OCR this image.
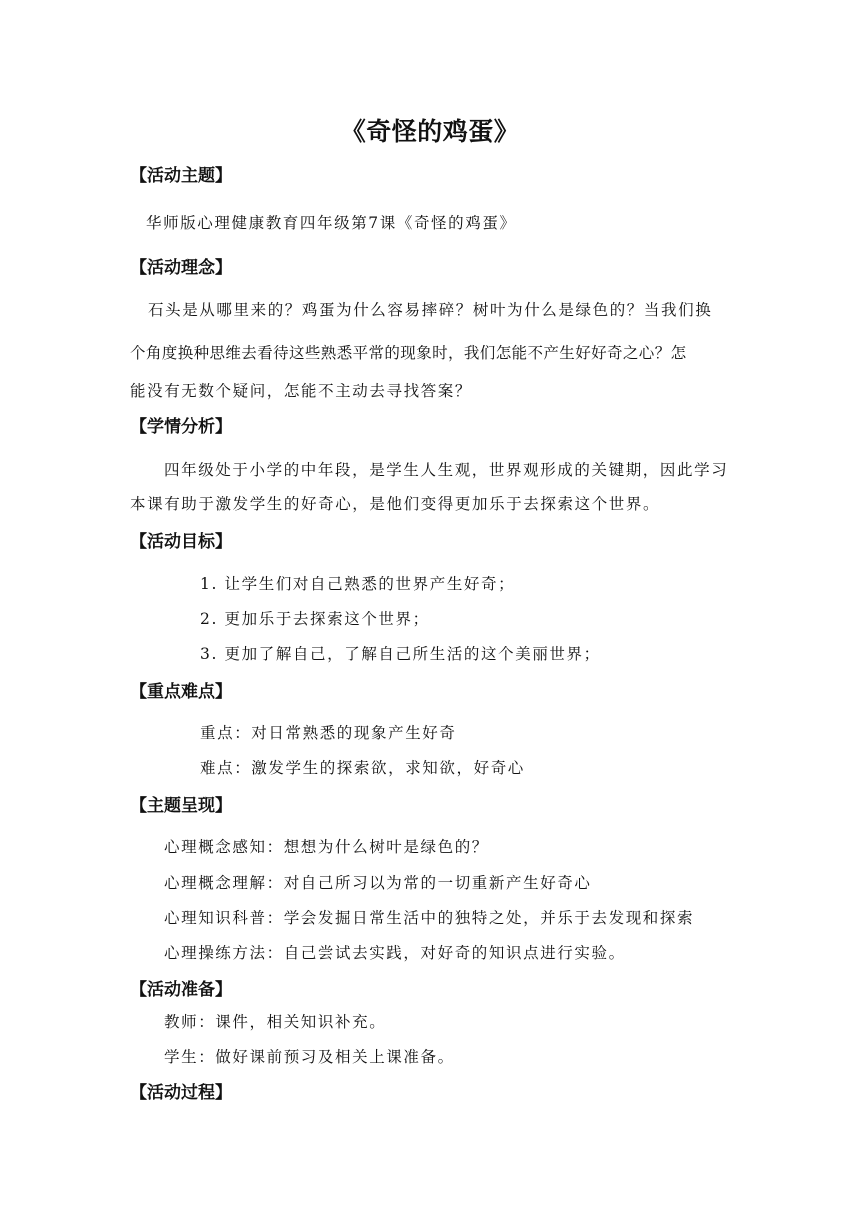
《奇怪的鸡蛋》
【活动主题】
华师版心理健康教育四年级第7课《奇怪的鸡蛋》
【活动理念】
石头是从哪里来的？鸡蛋为什么容易摔碎？树叶为什么是绿色的？当我们换
个角度换种思维去看待这些熟悉平常的现象时，我们怎能不产生好好奇之心？怎
能没有无数个疑问，怎能不主动去寻找答案？
【学情分析】
四年级处于小学的中年段，是学生人生观，世界观形成的关键期，因此学习
本课有助于激发学生的好奇心，是他们变得更加乐于去探索这个世界。
【活动目标】
1. 让学生们对自己熟悉的世界产生好奇；
2. 更加乐于去探索这个世界；
3. 更加了解自己，了解自己所生活的这个美丽世界；
【重点难点】
重点：对日常熟悉的现象产生好奇
难点：激发学生的探索欲，求知欲，好奇心
【主题呈现】
心理概念感知：想想为什么树叶是绿色的？
心理概念理解：对自己所习以为常的一切重新产生好奇心
心理知识科普：学会发掘日常生活中的独特之处，并乐于去发现和探索
心理操练方法：自己尝试去实践，对好奇的知识点进行实验。
【活动准备】
教师：课件，相关知识补充。
学生：做好课前预习及相关上课准备。
【活动过程】
